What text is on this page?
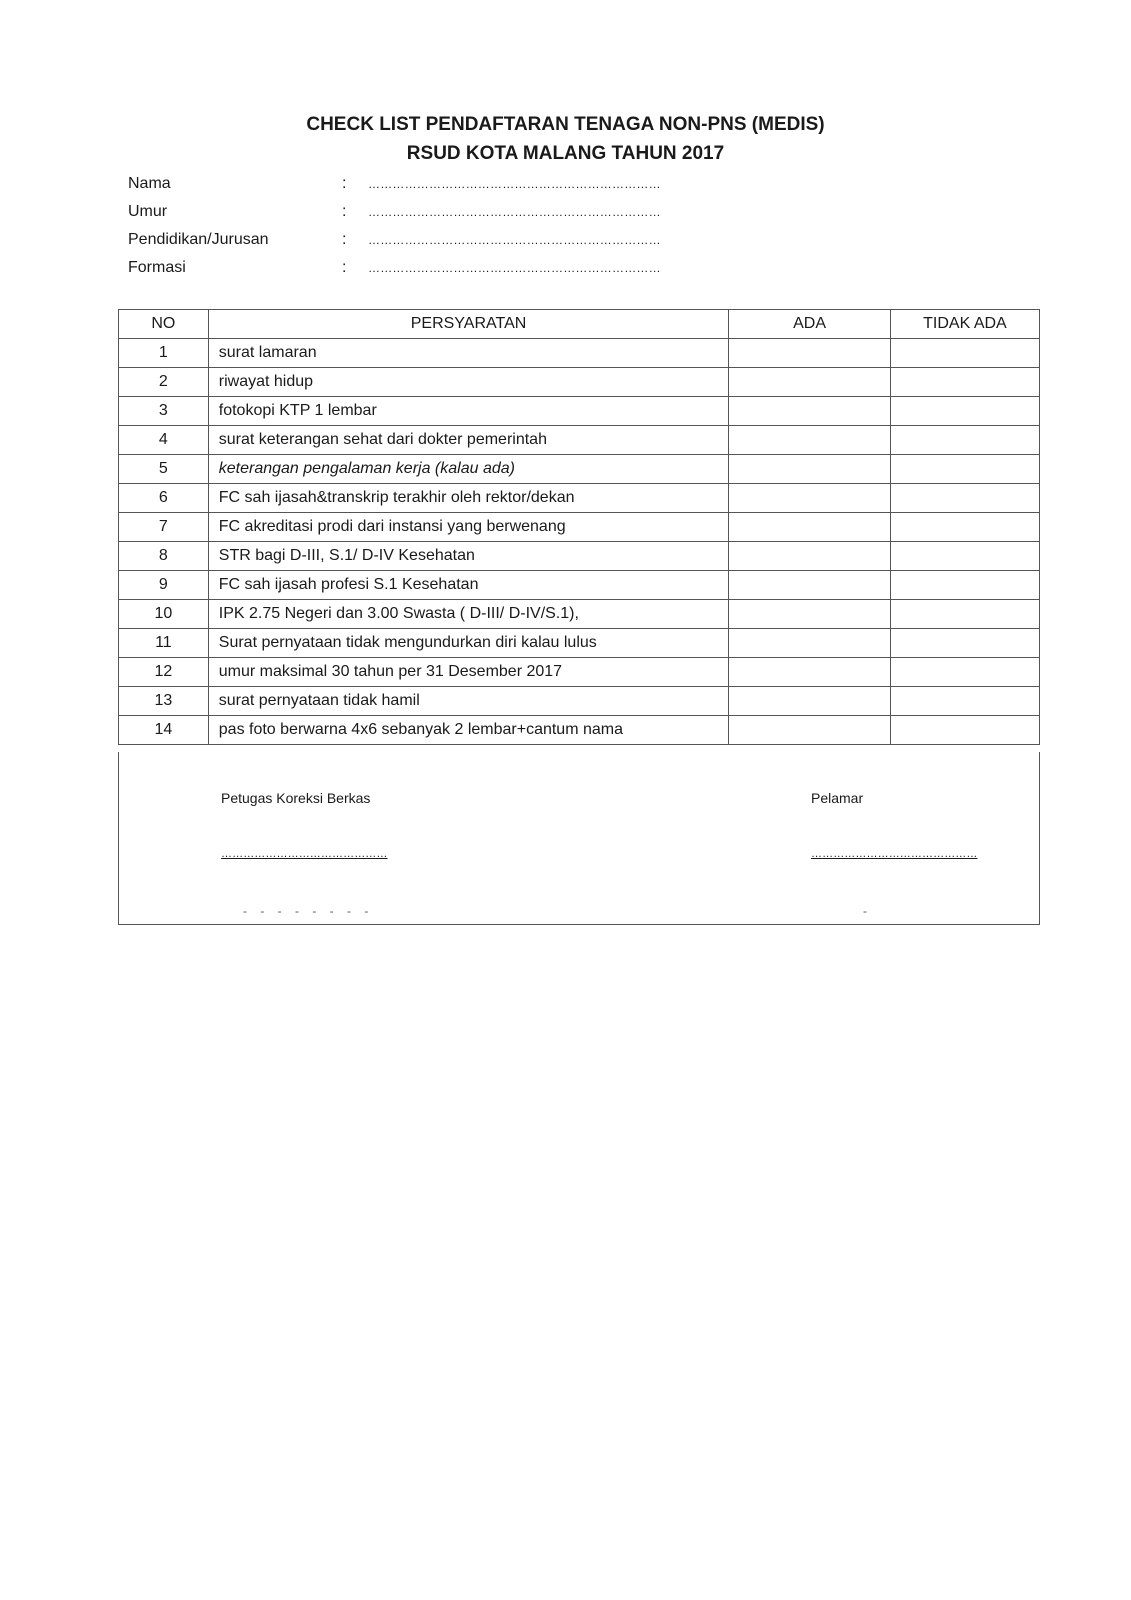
CHECK LIST PENDAFTARAN TENAGA NON-PNS (MEDIS)
RSUD KOTA MALANG TAHUN 2017
Nama	: ………………………………………………………………
Umur	: ………………………………………………………………
Pendidikan/Jurusan	: ………………………………………………………………
Formasi	: ………………………………………………………………
NO	PERSYARATAN	ADA	TIDAK ADA
1	surat lamaran		
2	riwayat hidup		
3	fotokopi KTP 1 lembar		
4	surat keterangan sehat dari dokter pemerintah		
5	keterangan pengalaman kerja (kalau ada)		
6	FC sah ijasah&transkrip terakhir oleh rektor/dekan		
7	FC akreditasi prodi dari instansi yang berwenang		
8	STR bagi D-III, S.1/ D-IV Kesehatan		
9	FC sah ijasah profesi S.1 Kesehatan		
10	IPK 2.75 Negeri dan 3.00 Swasta ( D-III/ D-IV/S.1),		
11	Surat pernyataan tidak mengundurkan diri kalau lulus		
12	umur maksimal 30 tahun per 31 Desember 2017		
13	surat pernyataan tidak hamil		
14	pas foto berwarna 4x6 sebanyak 2 lembar+cantum nama		
Petugas Koreksi Berkas
………………………………………
Pelamar
………………………………………
-    -    -    -    -    -    -    -	-
